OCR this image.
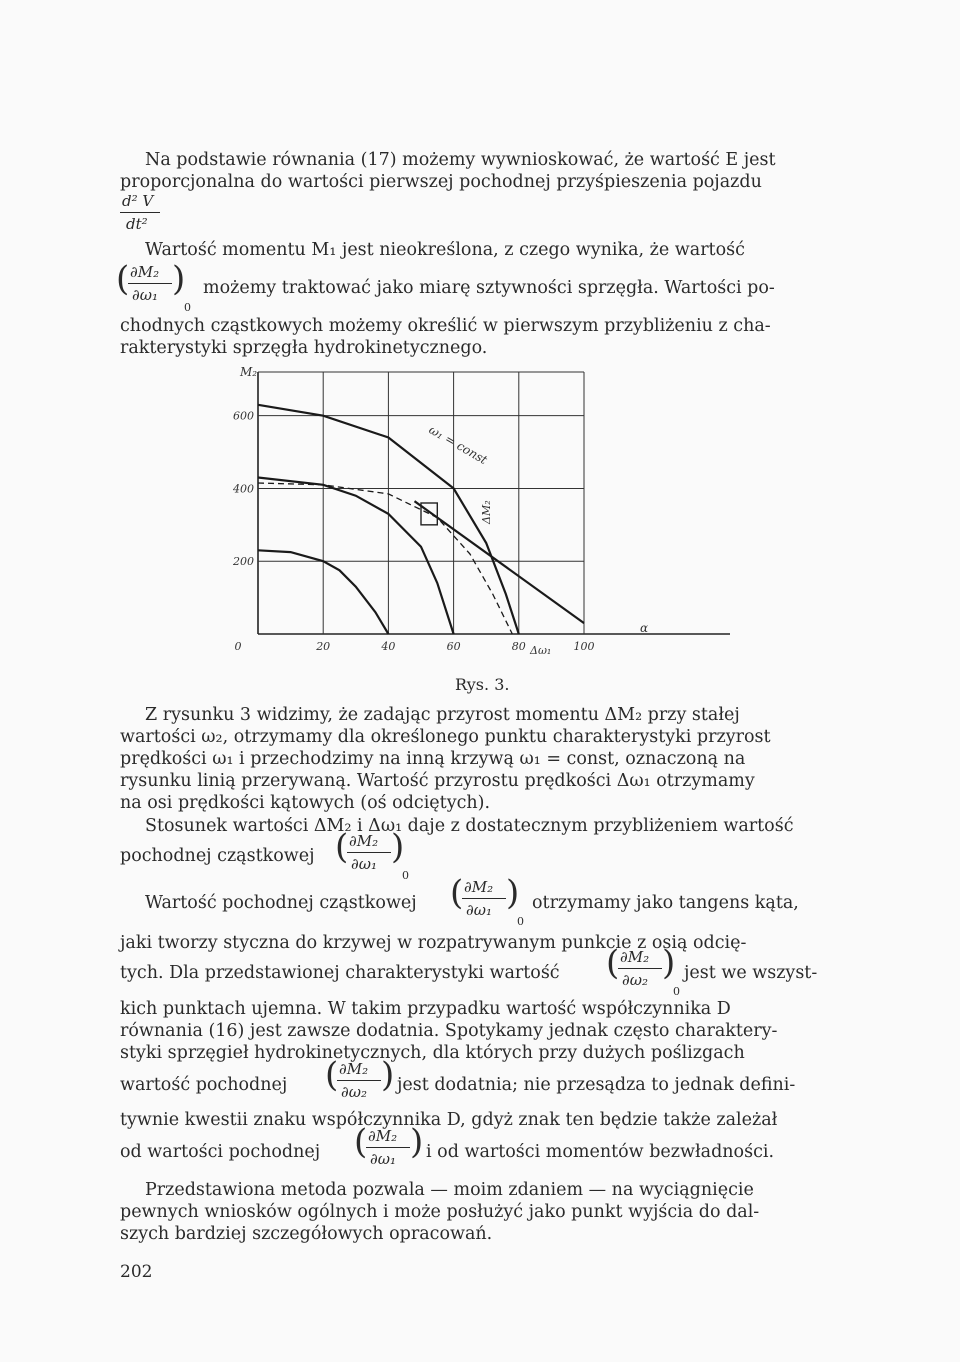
Na podstawie równania (17) możemy wywnioskować, że wartość E jest
proporcjonalna do wartości pierwszej pochodnej przyśpieszenia pojazdu
d² V
dt²
Wartość momentu M₁ jest nieokreślona, z czego wynika, że wartość
( ∂M₂
∂ω₁ )
0
możemy traktować jako miarę sztywności sprzęgła. Wartości po-
chodnych cząstkowych możemy określić w pierwszym przybliżeniu z cha-
rakterystyki sprzęgła hydrokinetycznego.
200
400
600
0	20	40	60	80	100
M₂
ω₁ = const
ΔM₂
Δω₁
α
Rys. 3.
Z rysunku 3 widzimy, że zadając przyrost momentu ΔM₂ przy stałej
wartości ω₂, otrzymamy dla określonego punktu charakterystyki przyrost
prędkości ω₁ i przechodzimy na inną krzywą ω₁ = const, oznaczoną na
rysunku linią przerywaną. Wartość przyrostu prędkości Δω₁ otrzymamy
na osi prędkości kątowych (oś odciętych).
Stosunek wartości ΔM₂ i Δω₁ daje z dostatecznym przybliżeniem wartość
pochodnej cząstkowej ( ∂M₂
∂ω₁ )
0
Wartość pochodnej cząstkowej ( ∂M₂
∂ω₁ )
0
otrzymamy jako tangens kąta,
jaki tworzy styczna do krzywej w rozpatrywanym punkcie z osią odcię-
tych. Dla przedstawionej charakterystyki wartość ( ∂M₂
∂ω₂ )
0
jest we wszyst-
kich punktach ujemna. W takim przypadku wartość współczynnika D
równania (16) jest zawsze dodatnia. Spotykamy jednak często charaktery-
styki sprzęgieł hydrokinetycznych, dla których przy dużych poślizgach
wartość pochodnej ( ∂M₂
∂ω₂ ) jest dodatnia; nie przesądza to jednak defini-
tywnie kwestii znaku współczynnika D, gdyż znak ten będzie także zależał
od wartości pochodnej ( ∂M₂
∂ω₁ ) i od wartości momentów bezwładności.
Przedstawiona metoda pozwala — moim zdaniem — na wyciągnięcie
pewnych wniosków ogólnych i może posłużyć jako punkt wyjścia do dal-
szych bardziej szczegółowych opracowań.
202
